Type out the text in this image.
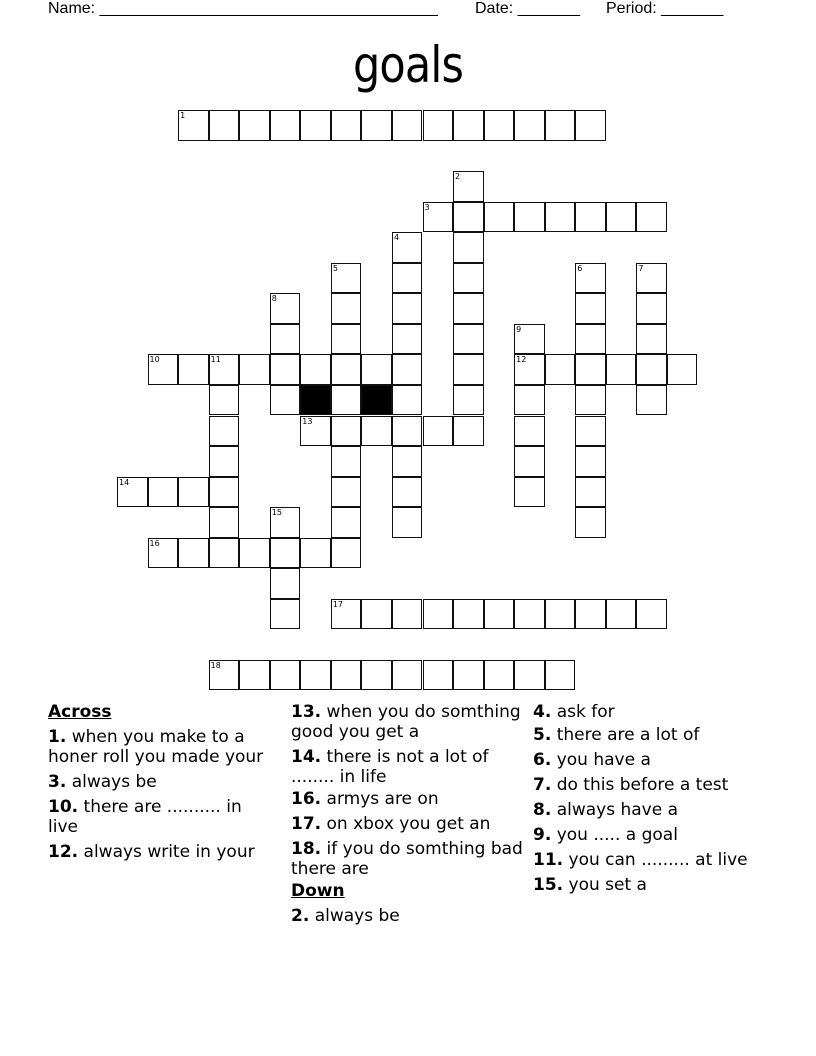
Name: ______________________________________

Date: _______

Period: _______

goals
1
2
3
4
5	6	7
8
9
12
10	11
13
14
15
16
17
18
Across
1. when you make to a honer roll you made your
3. always be
10. there are .......... in live
12. always write in your
13. when you do somthing good you get a
14. there is not a lot of ........ in life
16. armys are on
17. on xbox you get an
18. if you do somthing bad there are
Down
2. always be
4. ask for
5. there are a lot of
6. you have a
7. do this before a test
8. always have a
9. you ..... a goal
11. you can ......... at live
15. you set a
